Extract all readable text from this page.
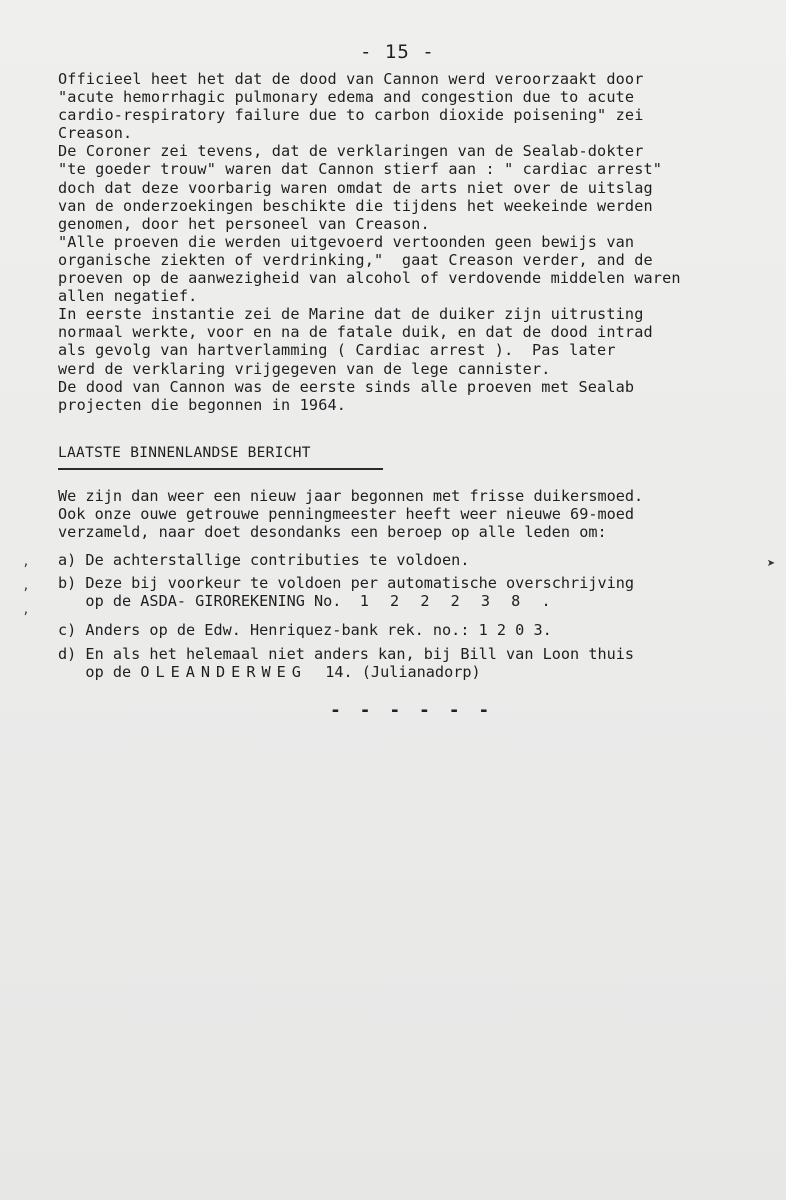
- 15 -
Officieel heet het dat de dood van Cannon werd veroorzaakt door
"acute hemorrhagic pulmonary edema and congestion due to acute
cardio-respiratory failure due to carbon dioxide poisening" zei
Creason.
De Coroner zei tevens, dat de verklaringen van de Sealab-dokter
"te goeder trouw" waren dat Cannon stierf aan : " cardiac arrest"
doch dat deze voorbarig waren omdat de arts niet over de uitslag
van de onderzoekingen beschikte die tijdens het weekeinde werden
genomen, door het personeel van Creason.
"Alle proeven die werden uitgevoerd vertoonden geen bewijs van
organische ziekten of verdrinking,"  gaat Creason verder, and de
proeven op de aanwezigheid van alcohol of verdovende middelen waren
allen negatief.
In eerste instantie zei de Marine dat de duiker zijn uitrusting
normaal werkte, voor en na de fatale duik, en dat de dood intrad
als gevolg van hartverlamming ( Cardiac arrest ).  Pas later
werd de verklaring vrijgegeven van de lege cannister.
De dood van Cannon was de eerste sinds alle proeven met Sealab
projecten die begonnen in 1964.
LAATSTE BINNENLANDSE BERICHT
We zijn dan weer een nieuw jaar begonnen met frisse duikersmoed.
Ook onze ouwe getrouwe penningmeester heeft weer nieuwe 69-moed
verzameld, naar doet desondanks een beroep op alle leden om:
a) De achterstallige contributies te voldoen.
b) Deze bij voorkeur te voldoen per automatische overschrijving
op de ASDA- GIROREKENING No. 1 2 2 2 3 8 .
c) Anders op de Edw. Henriquez-bank rek. no.: 1 2 0 3.
d) En als het helemaal niet anders kan, bij Bill van Loon thuis
op de OLEANDERWEG 14. (Julianadorp)
- - - - - -
’
’
’
➤
